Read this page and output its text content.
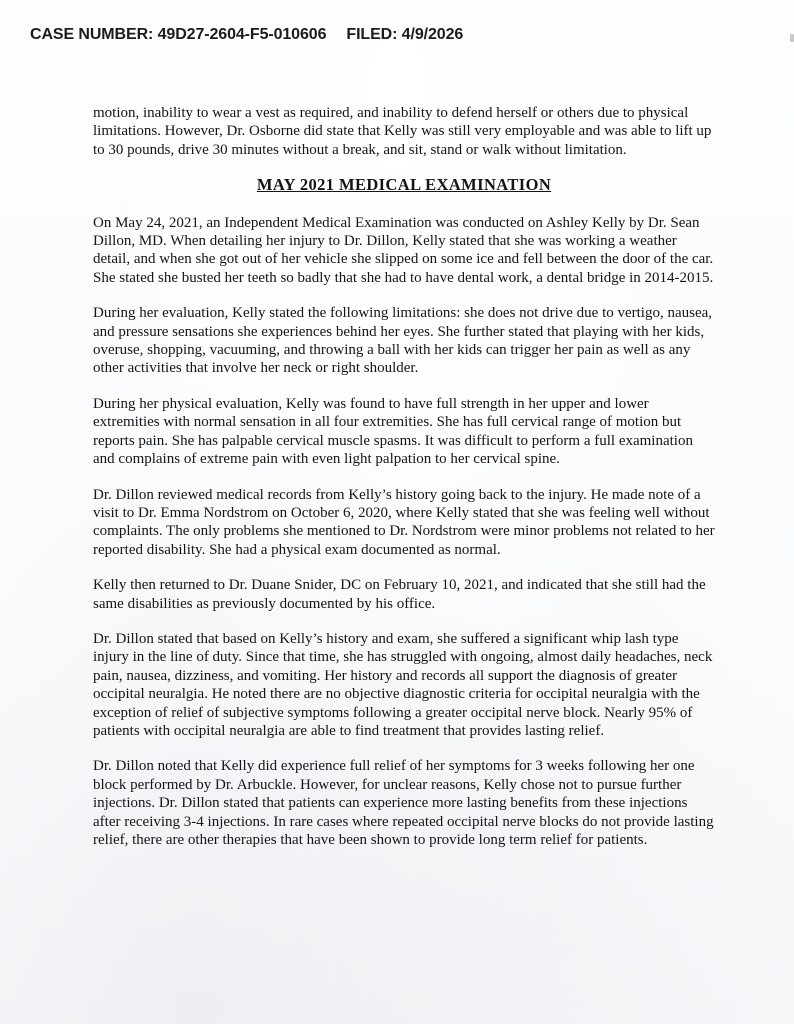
CASE NUMBER: 49D27-2604-F5-010606 FILED: 4/9/2026

motion, inability to wear a vest as required, and inability to defend herself or others due to physical limitations. However, Dr. Osborne did state that Kelly was still very employable and was able to lift up to 30 pounds, drive 30 minutes without a break, and sit, stand or walk without limitation.

MAY 2021 MEDICAL EXAMINATION

On May 24, 2021, an Independent Medical Examination was conducted on Ashley Kelly by Dr. Sean Dillon, MD. When detailing her injury to Dr. Dillon, Kelly stated that she was working a weather detail, and when she got out of her vehicle she slipped on some ice and fell between the door of the car. She stated she busted her teeth so badly that she had to have dental work, a dental bridge in 2014-2015.

During her evaluation, Kelly stated the following limitations: she does not drive due to vertigo, nausea, and pressure sensations she experiences behind her eyes. She further stated that playing with her kids, overuse, shopping, vacuuming, and throwing a ball with her kids can trigger her pain as well as any other activities that involve her neck or right shoulder.

During her physical evaluation, Kelly was found to have full strength in her upper and lower extremities with normal sensation in all four extremities. She has full cervical range of motion but reports pain. She has palpable cervical muscle spasms. It was difficult to perform a full examination and complains of extreme pain with even light palpation to her cervical spine.

Dr. Dillon reviewed medical records from Kelly’s history going back to the injury. He made note of a visit to Dr. Emma Nordstrom on October 6, 2020, where Kelly stated that she was feeling well without complaints. The only problems she mentioned to Dr. Nordstrom were minor problems not related to her reported disability. She had a physical exam documented as normal.

Kelly then returned to Dr. Duane Snider, DC on February 10, 2021, and indicated that she still had the same disabilities as previously documented by his office.

Dr. Dillon stated that based on Kelly’s history and exam, she suffered a significant whip lash type injury in the line of duty. Since that time, she has struggled with ongoing, almost daily headaches, neck pain, nausea, dizziness, and vomiting. Her history and records all support the diagnosis of greater occipital neuralgia. He noted there are no objective diagnostic criteria for occipital neuralgia with the exception of relief of subjective symptoms following a greater occipital nerve block. Nearly 95% of patients with occipital neuralgia are able to find treatment that provides lasting relief.

Dr. Dillon noted that Kelly did experience full relief of her symptoms for 3 weeks following her one block performed by Dr. Arbuckle. However, for unclear reasons, Kelly chose not to pursue further injections. Dr. Dillon stated that patients can experience more lasting benefits from these injections after receiving 3-4 injections. In rare cases where repeated occipital nerve blocks do not provide lasting relief, there are other therapies that have been shown to provide long term relief for patients.
